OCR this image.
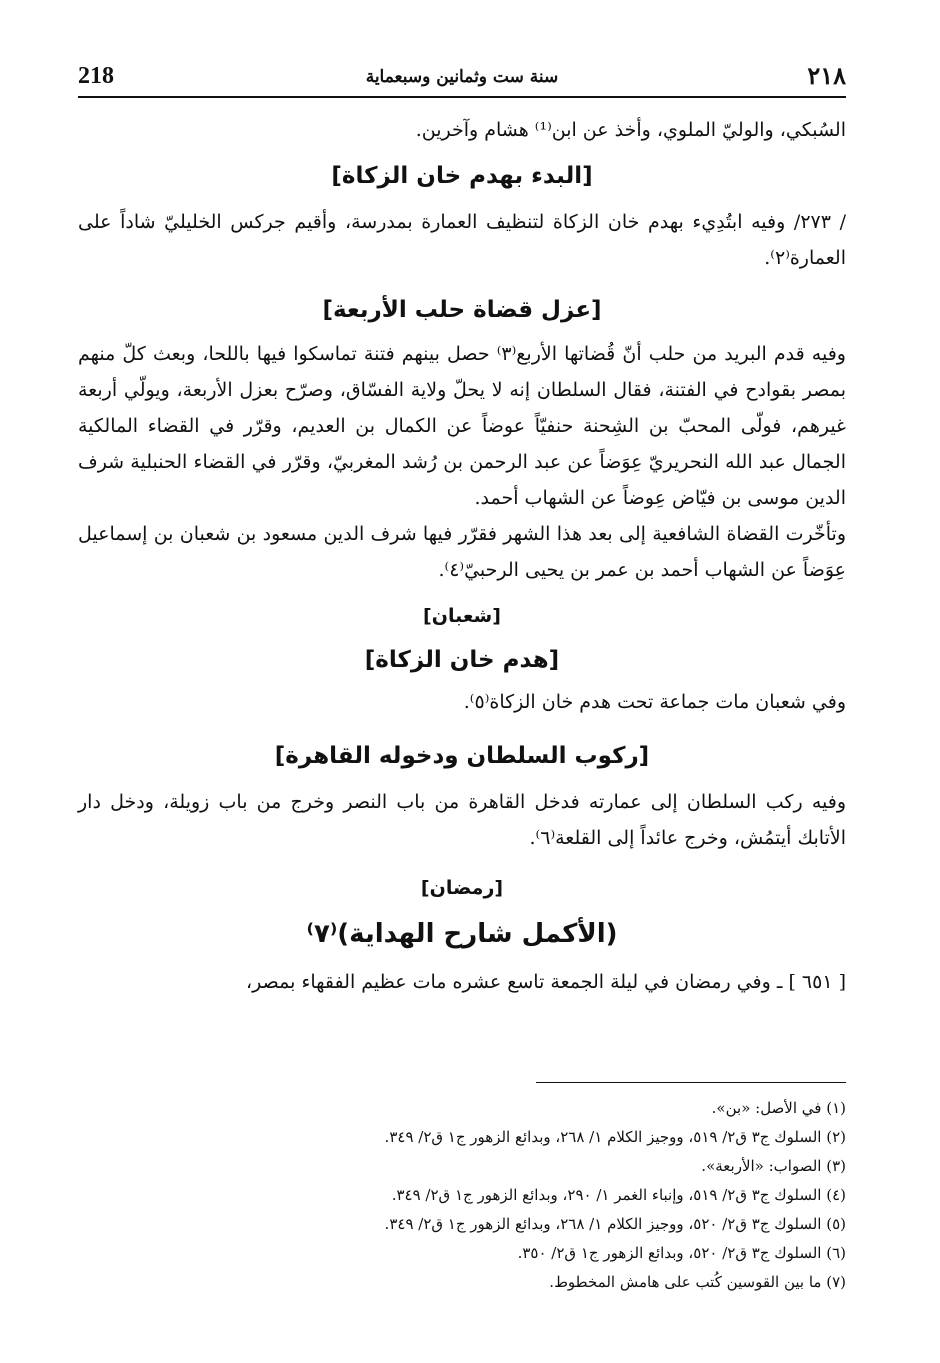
٢١٨
سنة ست وثمانين وسبعماية
218

السُبكي، والوليّ الملوي، وأخذ عن ابن⁽¹⁾ هشام وآخرين.

[البدء بهدم خان الزكاة]

/ ٢٧٣/ وفيه ابتُدِيء بهدم خان الزكاة لتنظيف العمارة بمدرسة، وأقيم جركس الخليليّ شاداً على العمارة⁽٢⁾.

[عزل قضاة حلب الأربعة]

وفيه قدم البريد من حلب أنّ قُضاتها الأربع⁽٣⁾ حصل بينهم فتنة تماسكوا فيها باللحا، وبعث كلّ منهم بمصر بقوادح في الفتنة، فقال السلطان إنه لا يحلّ ولاية الفسّاق، وصرّح بعزل الأربعة، ويولّي أربعة غيرهم، فولّى المحبّ بن الشِحنة حنفيّاً عوضاً عن الكمال بن العديم، وقرّر في القضاء المالكية الجمال عبد الله النحريريّ عِوَضاً عن عبد الرحمن بن رُشد المغربيّ، وقرّر في القضاء الحنبلية شرف الدين موسى بن فيّاض عِوضاً عن الشهاب أحمد.

وتأخّرت القضاة الشافعية إلى بعد هذا الشهر فقرّر فيها شرف الدين مسعود بن شعبان بن إسماعيل عِوَضاً عن الشهاب أحمد بن عمر بن يحيى الرحبيّ⁽٤⁾.

[شعبان]

[هدم خان الزكاة]

وفي شعبان مات جماعة تحت هدم خان الزكاة⁽٥⁾.

[ركوب السلطان ودخوله القاهرة]

وفيه ركب السلطان إلى عمارته فدخل القاهرة من باب النصر وخرج من باب زويلة، ودخل دار الأتابك أيتمُش، وخرج عائداً إلى القلعة⁽٦⁾.

[رمضان]

(الأكمل شارح الهداية)⁽٧⁾

[ ٦٥١ ] ـ وفي رمضان في ليلة الجمعة تاسع عشره مات عظيم الفقهاء بمصر،

(١) في الأصل: «بن».
(٢) السلوك ج٣ ق٢/ ٥١٩، ووجيز الكلام ١/ ٢٦٨، وبدائع الزهور ج١ ق٢/ ٣٤٩.
(٣) الصواب: «الأربعة».
(٤) السلوك ج٣ ق٢/ ٥١٩، وإنباء الغمر ١/ ٢٩٠، وبدائع الزهور ج١ ق٢/ ٣٤٩.
(٥) السلوك ج٣ ق٢/ ٥٢٠، ووجيز الكلام ١/ ٢٦٨، وبدائع الزهور ج١ ق٢/ ٣٤٩.
(٦) السلوك ج٣ ق٢/ ٥٢٠، وبدائع الزهور ج١ ق٢/ ٣٥٠.
(٧) ما بين القوسين كُتب على هامش المخطوط.
